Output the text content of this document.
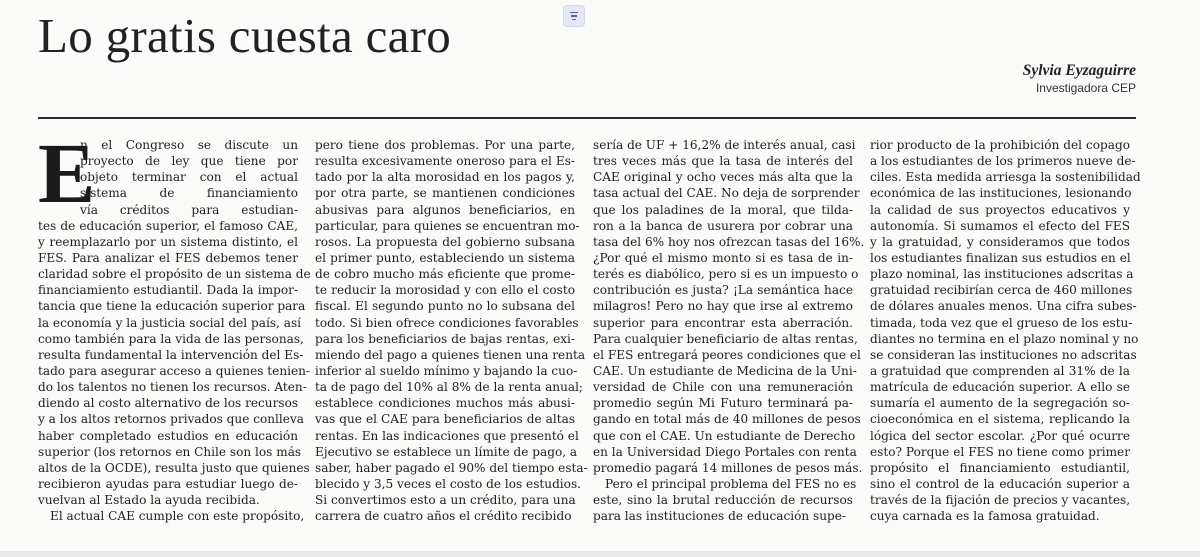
Lo gratis cuesta caro
Sylvia Eyzaguirre
Investigadora CEP
E
n el Congreso se discute un
proyecto de ley que tiene por
objeto terminar con el actual
sistema de financiamiento
vía créditos para estudian-
tes de educación superior, el famoso CAE,
y reemplazarlo por un sistema distinto, el
FES. Para analizar el FES debemos tener
claridad sobre el propósito de un sistema de
financiamiento estudiantil. Dada la impor-
tancia que tiene la educación superior para
la economía y la justicia social del país, así
como también para la vida de las personas,
resulta fundamental la intervención del Es-
tado para asegurar acceso a quienes tenien-
do los talentos no tienen los recursos. Aten-
diendo al costo alternativo de los recursos
y a los altos retornos privados que conlleva
haber completado estudios en educación
superior (los retornos en Chile son los más
altos de la OCDE), resulta justo que quienes
recibieron ayudas para estudiar luego de-
vuelvan al Estado la ayuda recibida.
El actual CAE cumple con este propósito,
pero tiene dos problemas. Por una parte,
resulta excesivamente oneroso para el Es-
tado por la alta morosidad en los pagos y,
por otra parte, se mantienen condiciones
abusivas para algunos beneficiarios, en
particular, para quienes se encuentran mo-
rosos. La propuesta del gobierno subsana
el primer punto, estableciendo un sistema
de cobro mucho más eficiente que prome-
te reducir la morosidad y con ello el costo
fiscal. El segundo punto no lo subsana del
todo. Si bien ofrece condiciones favorables
para los beneficiarios de bajas rentas, exi-
miendo del pago a quienes tienen una renta
inferior al sueldo mínimo y bajando la cuo-
ta de pago del 10% al 8% de la renta anual;
establece condiciones muchos más abusi-
vas que el CAE para beneficiarios de altas
rentas. En las indicaciones que presentó el
Ejecutivo se establece un límite de pago, a
saber, haber pagado el 90% del tiempo esta-
blecido y 3,5 veces el costo de los estudios.
Si convertimos esto a un crédito, para una
carrera de cuatro años el crédito recibido
sería de UF + 16,2% de interés anual, casi
tres veces más que la tasa de interés del
CAE original y ocho veces más alta que la
tasa actual del CAE. No deja de sorprender
que los paladines de la moral, que tilda-
ron a la banca de usurera por cobrar una
tasa del 6% hoy nos ofrezcan tasas del 16%.
¿Por qué el mismo monto si es tasa de in-
terés es diabólico, pero si es un impuesto o
contribución es justa? ¡La semántica hace
milagros! Pero no hay que irse al extremo
superior para encontrar esta aberración.
Para cualquier beneficiario de altas rentas,
el FES entregará peores condiciones que el
CAE. Un estudiante de Medicina de la Uni-
versidad de Chile con una remuneración
promedio según Mi Futuro terminará pa-
gando en total más de 40 millones de pesos
que con el CAE. Un estudiante de Derecho
en la Universidad Diego Portales con renta
promedio pagará 14 millones de pesos más.
Pero el principal problema del FES no es
este, sino la brutal reducción de recursos
para las instituciones de educación supe-
rior producto de la prohibición del copago
a los estudiantes de los primeros nueve de-
ciles. Esta medida arriesga la sostenibilidad
económica de las instituciones, lesionando
la calidad de sus proyectos educativos y
autonomía. Si sumamos el efecto del FES
y la gratuidad, y consideramos que todos
los estudiantes finalizan sus estudios en el
plazo nominal, las instituciones adscritas a
gratuidad recibirían cerca de 460 millones
de dólares anuales menos. Una cifra subes-
timada, toda vez que el grueso de los estu-
diantes no termina en el plazo nominal y no
se consideran las instituciones no adscritas
a gratuidad que comprenden al 31% de la
matrícula de educación superior. A ello se
sumaría el aumento de la segregación so-
cioeconómica en el sistema, replicando la
lógica del sector escolar. ¿Por qué ocurre
esto? Porque el FES no tiene como primer
propósito el financiamiento estudiantil,
sino el control de la educación superior a
través de la fijación de precios y vacantes,
cuya carnada es la famosa gratuidad.
